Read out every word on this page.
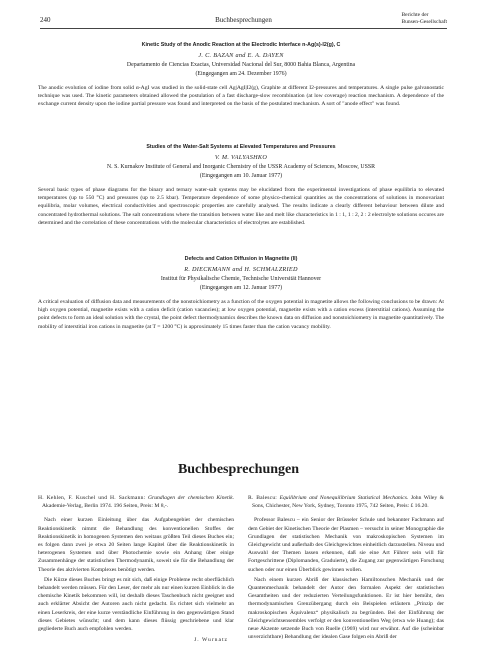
240	Buchbesprechungen
Berichte der
Bunsen-Gesellschaft
Kinetic Study of the Anodic Reaction at the Electrodic Interface n-Ag(s)-I2(g), C
J. C. BAZAN and E. A. DAYEN
Departamento de Ciencias Exactas, Universidad Nacional del Sur, 8000 Bahia Blanca, Argentina
(Eingegangen am 24. Dezember 1976)
The anodic evolution of iodine from solid α-AgI was studied in the solid-state cell Ag|AgI|I2(g), Graphite at different I2-pressures and temperatures. A single pulse galvanostatic technique was used. The kinetic parameters obtained allowed the postulation of a fast discharge-slow recombination (at low coverage) reaction mechanism. A dependence of the exchange current density upon the iodine partial pressure was found and interpreted on the basis of the postulated mechanism. A sort of "anode effect" was found.
Studies of the Water-Salt Systems at Elevated Temperatures and Pressures
V. M. VALYASHKO
N. S. Kurnakov Institute of General and Inorganic Chemistry of the USSR Academy of Sciences, Moscow, USSR
(Eingegangen am 10. Januar 1977)
Several basic types of phase diagrams for the binary and ternary water-salt systems may be elucidated from the experimental investigations of phase equilibria to elevated temperatures (up to 550 °C) and pressures (up to 2.5 kbar). Temperature dependence of some physico-chemical quantities as the concentrations of solutions in monovariant equilibria, molar volumes, electrical conductivities and spectroscopic properties are carefully analysed. The results indicate a clearly different behaviour between dilute and concentrated hydrothermal solutions. The salt concentrations where the transition between water like and melt like characteristics in 1 : 1, 1 : 2, 2 : 2 electrolyte solutions occures are determined and the correlation of these concentrations with the molecular characteristics of electrolytes are established.
Defects and Cation Diffusion in Magnetite (II)
R. DIECKMANN and H. SCHMALZRIED
Institut für Physikalische Chemie, Technische Universität Hannover
(Eingegangen am 12. Januar 1977)
A critical evaluation of diffusion data and measurements of the nonstoichiometry as a function of the oxygen potential in magnetite allows the following conclusions to be drawn: At high oxygen potential, magnetite exists with a cation deficit (cation vacancies); at low oxygen potential, magnetite exists with a cation excess (interstitial cations). Assuming the point defects to form an ideal solution with the crystal, the point defect thermodynamics describes the known data on diffusion and nonstoichiometry in magnetite quantitatively. The mobility of interstitial iron cations in magnetite (at T = 1200 °C) is approximately 15 times faster than the cation vacancy mobility.
Buchbesprechungen

H. Kehlen, F. Kuschel und H. Sackmann: Grundlagen der chemischen Kinetik. Akademie-Verlag, Berlin 1974. 196 Seiten, Preis: M 8,-.

Nach einer kurzen Einleitung über das Aufgabengebiet der chemischen Reaktionskinetik nimmt die Behandlung des konventionellen Stoffes der Reaktionskinetik in homogenen Systemen den weitaus größten Teil dieses Buches ein; es folgen dann zwei je etwa 20 Seiten lange Kapitel über die Reaktionskinetik in heterogenen Systemen und über Photochemie sowie ein Anhang über einige Zusammenhänge der statistischen Thermodynamik, soweit sie für die Behandlung der Theorie des aktivierten Komplexes benötigt werden.

Die Kürze dieses Buches bringt es mit sich, daß einige Probleme recht oberflächlich behandelt werden müssen. Für den Leser, der mehr als nur einen kurzen Einblick in die chemische Kinetik bekommen will, ist deshalb dieses Taschenbuch nicht geeignet und auch erklärter Absicht der Autoren auch nicht gedacht. Es richtet sich vielmehr an einen Leserkreis, der eine kurze verständliche Einführung in den gegenwärtigen Stand dieses Gebietes wünscht; und dem kann dieses flüssig geschriebene und klar gegliederte Buch auch empfohlen werden.

J. Wurnatz

R. Balescu: Equilibrium and Nonequilibrium Statistical Mechanics. John Wiley & Sons, Chichester, New York, Sydney, Toronto 1975, 742 Seiten, Preis: £ 16.20.

Professor Balescu – ein Senior der Brüsseler Schule und bekannter Fachmann auf dem Gebiet der Kinetischen Theorie der Plasmen – versucht in seiner Monographie die Grundlagen der statistischen Mechanik von makroskopischen Systemen im Gleichgewicht und außerhalb des Gleichgewichtes einheitlich darzustellen. Niveau und Auswahl der Themen lassen erkennen, daß sie eine Art Führer sein will für Fortgeschrittene (Diplomanden, Graduierte), die Zugang zur gegenwärtigen Forschung suchen oder nur einen Überblick gewinnen wollen.

Nach einem kurzen Abriß der klassischen Hamiltonschen Mechanik und der Quantenmechanik behandelt der Autor den formalen Aspekt der statistischen Gesamtheiten und der reduzierten Verteilungsfunktionen. Er ist hier bemüht, den thermodynamischen Grenzübergang durch ein Beispielen erläutern „Prinzip der makroskopischen Äquivalenz“ physikalisch zu begründen. Bei der Einführung der Gleichgewichtsensembles verfolgt er den konventionellen Weg (etwa wie Huang); das neue Akzente setzende Buch von Ruelle (1969) wird nur erwähnt. Auf die (scheinbar unverzichtbare) Behandlung der idealen Gase folgen ein Abriß der
